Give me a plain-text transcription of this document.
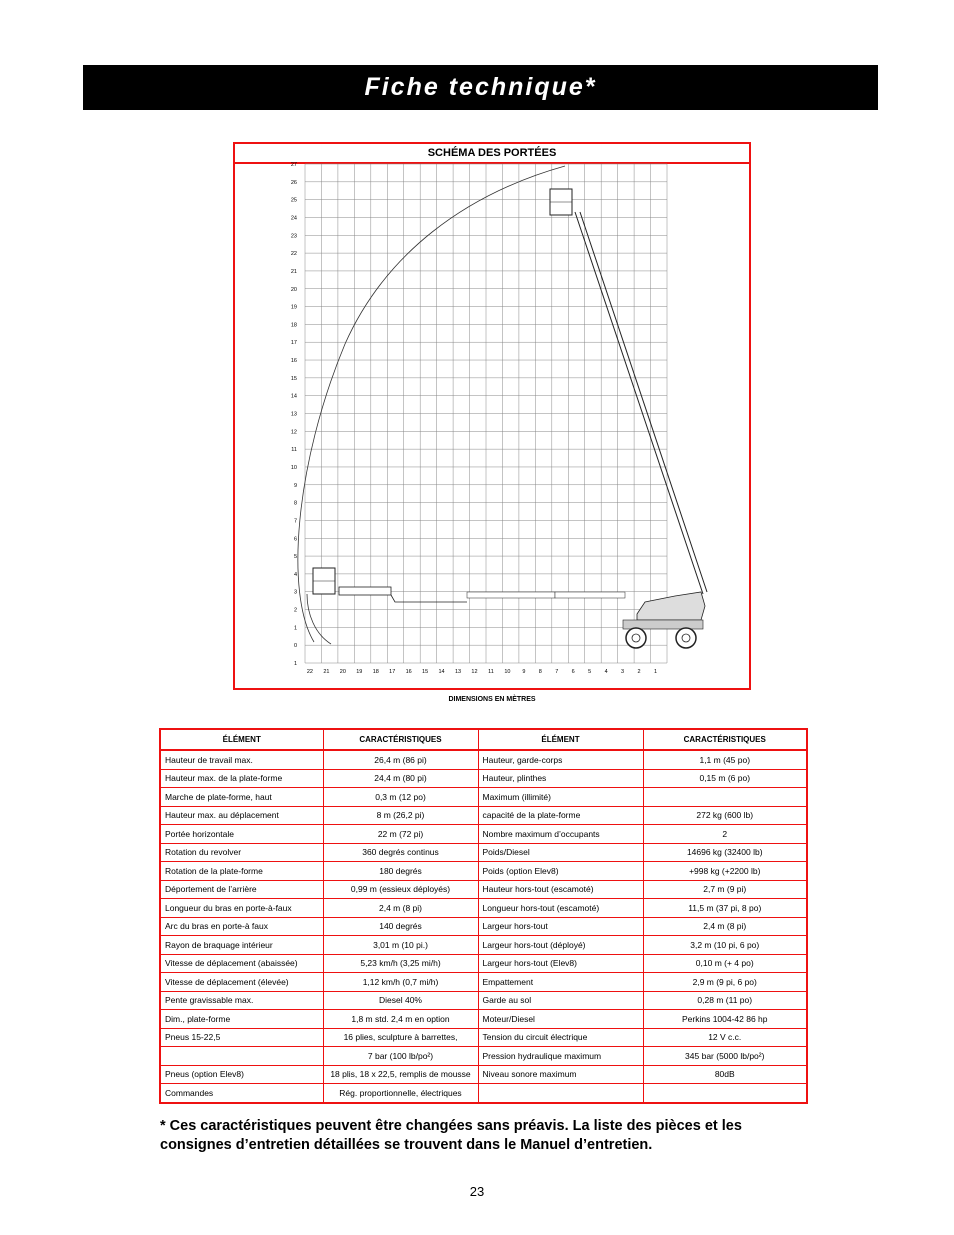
Fiche technique*
SCHÉMA DES PORTÉES
27
26
25
24
23
22
21
20
19
18
17
16
15
14
13
12
11
10
9
8
7
6
5
4
3
2
1
0
1
22 21 20 19 18 17 16 15 14 13 12 11 10 9 8 7 6 5 4 3 2 1
DIMENSIONS EN MÈTRES
ÉLÉMENT	CARACTÉRISTIQUES	ÉLÉMENT	CARACTÉRISTIQUES
Hauteur de travail max.	26,4 m (86 pi)	Hauteur, garde-corps	1,1 m (45 po)
Hauteur max. de la plate-forme	24,4 m (80 pi)	Hauteur, plinthes	0,15 m (6 po)
Marche de plate-forme, haut	0,3 m (12 po)	Maximum (illimité)	
Hauteur max. au déplacement	8 m (26,2 pi)	capacité de la plate-forme	272 kg (600 lb)
Portée horizontale	22 m (72 pi)	Nombre maximum d’occupants	2
Rotation du revolver	360 degrés continus	Poids/Diesel	14696 kg (32400 lb)
Rotation de la plate-forme	180 degrés	Poids (option Elev8)	+998 kg (+2200 lb)
Déportement de l’arrière	0,99 m (essieux déployés)	Hauteur hors-tout (escamoté)	2,7 m (9 pi)
Longueur du bras en porte-à-faux	2,4 m (8 pi)	Longueur hors-tout (escamoté)	11,5 m (37 pi, 8 po)
Arc du bras en porte-à faux	140 degrés	Largeur hors-tout	2,4 m (8 pi)
Rayon de braquage intérieur	3,01 m (10 pi.)	Largeur hors-tout (déployé)	3,2 m (10 pi, 6 po)
Vitesse de déplacement (abaissée)	5,23 km/h (3,25 mi/h)	Largeur hors-tout (Elev8)	0,10 m (+ 4 po)
Vitesse de déplacement (élevée)	1,12 km/h (0,7 mi/h)	Empattement	2,9 m (9 pi, 6 po)
Pente gravissable max.	Diesel 40%	Garde au sol	0,28 m (11 po)
Dim., plate-forme	1,8 m std. 2,4 m en option	Moteur/Diesel	Perkins 1004-42 86 hp
Pneus 15-22,5	16 plies, sculpture à barrettes,	Tension du circuit électrique	12 V c.c.
	7 bar (100 lb/po²)	Pression hydraulique maximum	345 bar (5000 lb/po²)
Pneus (option Elev8)	18 plis, 18 x 22,5, remplis de mousse	Niveau sonore maximum	80dB
Commandes	Rég. proportionnelle, électriques		
* Ces caractéristiques peuvent être changées sans préavis. La liste des pièces et les consignes d’entretien détaillées se trouvent dans le Manuel d’entretien.
23
